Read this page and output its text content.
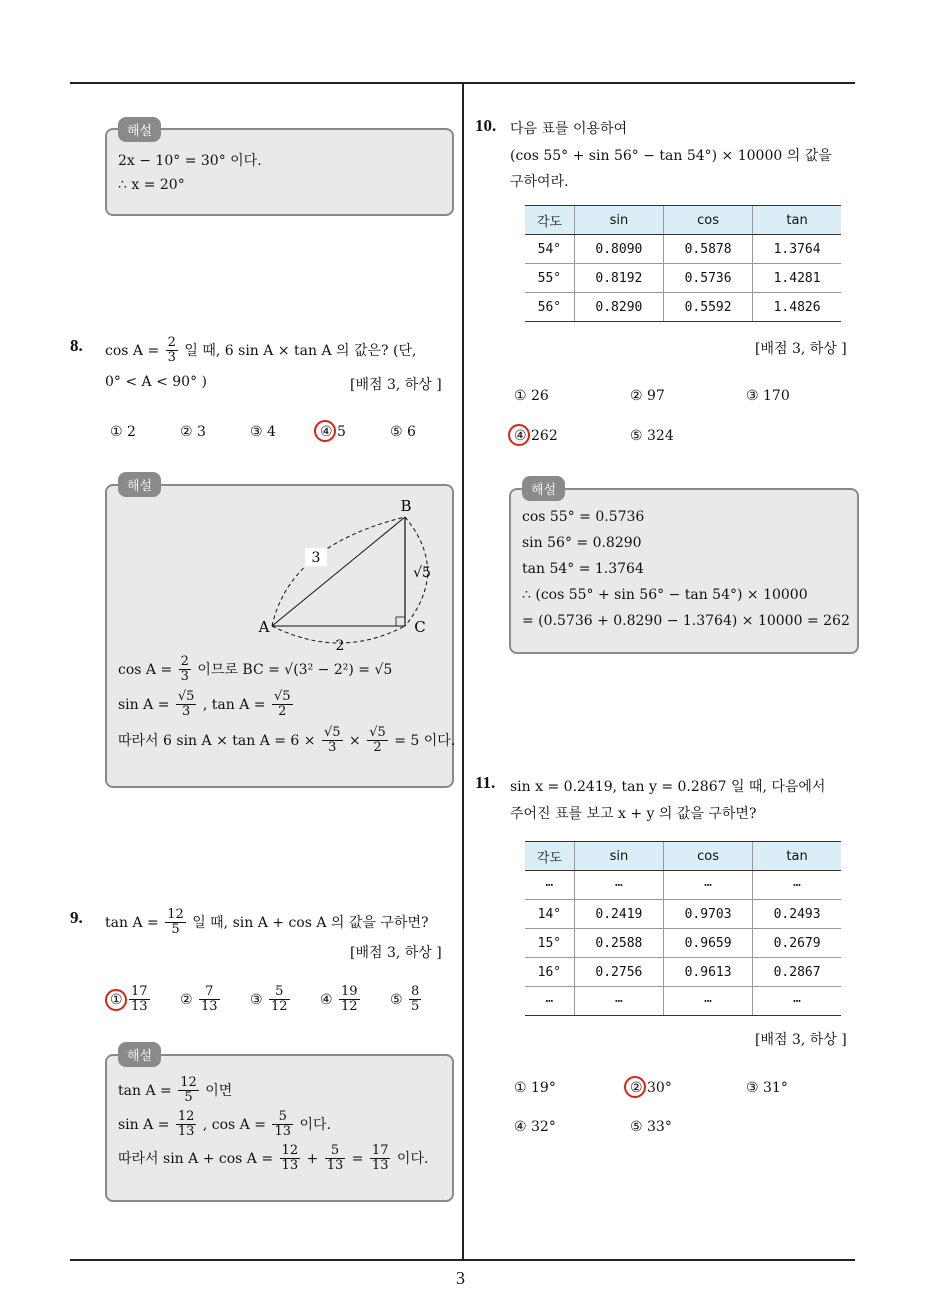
3
해설
2x − 10° = 30° 이다.
∴ x = 20°
8. $\cos A = \frac{2}{3}$ 일 때, 6 sin A × tan A 의 값은? (단,
0° < A < 90° )	[배점 3, 하상 ]
① 2	② 3	③ 4	④ 5	⑤ 6
해설
3
B
A	C
2
√5
$\cos A = \frac{2}{3}$ 이므로 BC = √(3² − 2²) = √5
$\sin A = \frac{√5}{3}$ , $\tan A = \frac{√5}{2}$
따라서 6 $\sin A \times \tan A = 6 \times \frac{√5}{3} \times \frac{√5}{2} = 5$ 이다.
9. $\tan A = \frac{12}{5}$ 일 때, sin A + cos A 의 값을 구하면?
[배점 3, 하상 ]
① $\frac{17}{13}$ ② $\frac{7}{13}$ ③ $\frac{5}{12}$ ④ $\frac{19}{12}$ ⑤ $\frac{8}{5}$
해설
$\tan A = \frac{12}{5}$ 이면
$\sin A = \frac{12}{13}$ , $\cos A = \frac{5}{13}$ 이다.
따라서 $\sin A + \cos A = \frac{12}{13} + \frac{5}{13} = \frac{17}{13}$ 이다.
10. 다음 표를 이용하여
(cos 55° + sin 56° − tan 54°) × 10000 의 값을
구하여라.
각도	sin	cos	tan
54°	0.8090	0.5878	1.3764
55°	0.8192	0.5736	1.4281
56°	0.8290	0.5592	1.4826
[배점 3, 하상 ]
① 26	② 97	③ 170
④ 262	⑤ 324
해설
cos 55° = 0.5736
sin 56° = 0.8290
tan 54° = 1.3764
∴ (cos 55° + sin 56° − tan 54°) × 10000
= (0.5736 + 0.8290 − 1.3764) × 10000 = 262
11. sin x = 0.2419, tan y = 0.2867 일 때, 다음에서
주어진 표를 보고 x + y 의 값을 구하면?
각도	sin	cos	tan
⋯	⋯	⋯	⋯
14°	0.2419	0.9703	0.2493
15°	0.2588	0.9659	0.2679
16°	0.2756	0.9613	0.2867
⋯	⋯	⋯	⋯
[배점 3, 하상 ]
① 19°	② 30°	③ 31°
④ 32°	⑤ 33°
